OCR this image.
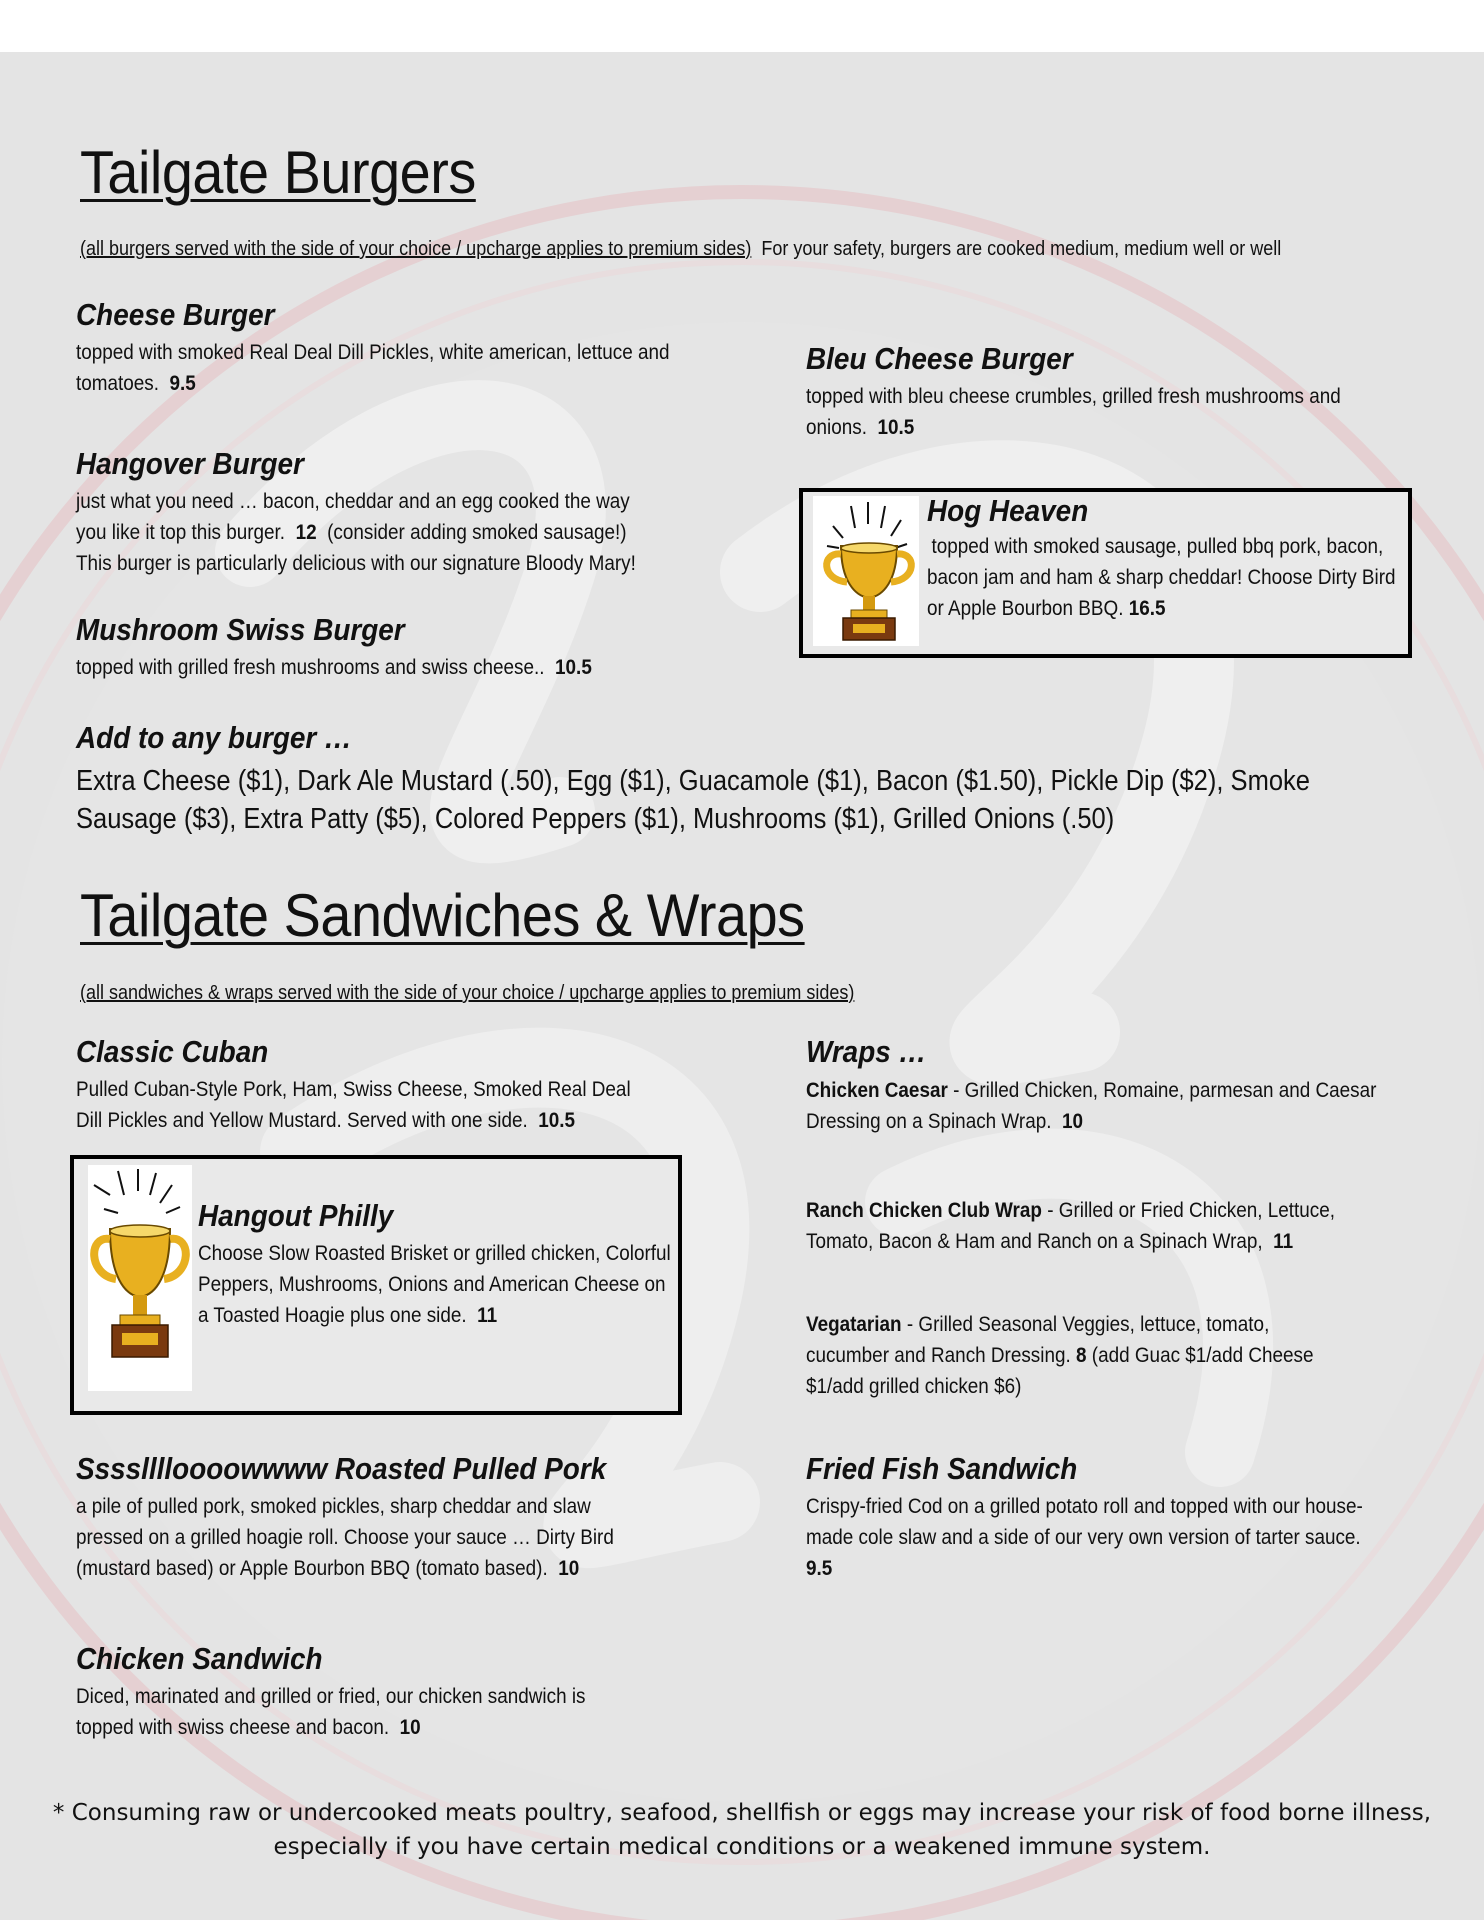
Tailgate Burgers
(all burgers served with the side of your choice / upcharge applies to premium sides) For your safety, burgers are cooked medium, medium well or well
Cheese Burger
topped with smoked Real Deal Dill Pickles, white american, lettuce and tomatoes. 9.5
Bleu Cheese Burger
topped with bleu cheese crumbles, grilled fresh mushrooms and onions. 10.5
Hangover Burger
just what you need … bacon, cheddar and an egg cooked the way you like it top this burger. 12 (consider adding smoked sausage!) This burger is particularly delicious with our signature Bloody Mary!
Hog Heaven
topped with smoked sausage, pulled bbq pork, bacon, bacon jam and ham & sharp cheddar! Choose Dirty Bird or Apple Bourbon BBQ. 16.5
Mushroom Swiss Burger
topped with grilled fresh mushrooms and swiss cheese.. 10.5
Add to any burger …
Extra Cheese ($1), Dark Ale Mustard (.50), Egg ($1), Guacamole ($1), Bacon ($1.50), Pickle Dip ($2), Smoke Sausage ($3), Extra Patty ($5), Colored Peppers ($1), Mushrooms ($1), Grilled Onions (.50)
Tailgate Sandwiches & Wraps
(all sandwiches & wraps served with the side of your choice / upcharge applies to premium sides)
Classic Cuban
Pulled Cuban-Style Pork, Ham, Swiss Cheese, Smoked Real Deal Dill Pickles and Yellow Mustard. Served with one side. 10.5
Hangout Philly
Choose Slow Roasted Brisket or grilled chicken, Colorful Peppers, Mushrooms, Onions and American Cheese on a Toasted Hoagie plus one side. 11
Sssslllloooowwww Roasted Pulled Pork
a pile of pulled pork, smoked pickles, sharp cheddar and slaw pressed on a grilled hoagie roll. Choose your sauce … Dirty Bird (mustard based) or Apple Bourbon BBQ (tomato based). 10
Chicken Sandwich
Diced, marinated and grilled or fried, our chicken sandwich is topped with swiss cheese and bacon. 10
Wraps …
Chicken Caesar - Grilled Chicken, Romaine, parmesan and Caesar Dressing on a Spinach Wrap. 10
Ranch Chicken Club Wrap - Grilled or Fried Chicken, Lettuce, Tomato, Bacon & Ham and Ranch on a Spinach Wrap, 11
Vegatarian - Grilled Seasonal Veggies, lettuce, tomato, cucumber and Ranch Dressing. 8 (add Guac $1/add Cheese $1/add grilled chicken $6)
Fried Fish Sandwich
Crispy-fried Cod on a grilled potato roll and topped with our house-made cole slaw and a side of our very own version of tarter sauce. 9.5
* Consuming raw or undercooked meats poultry, seafood, shellfish or eggs may increase your risk of food borne illness,
especially if you have certain medical conditions or a weakened immune system.
